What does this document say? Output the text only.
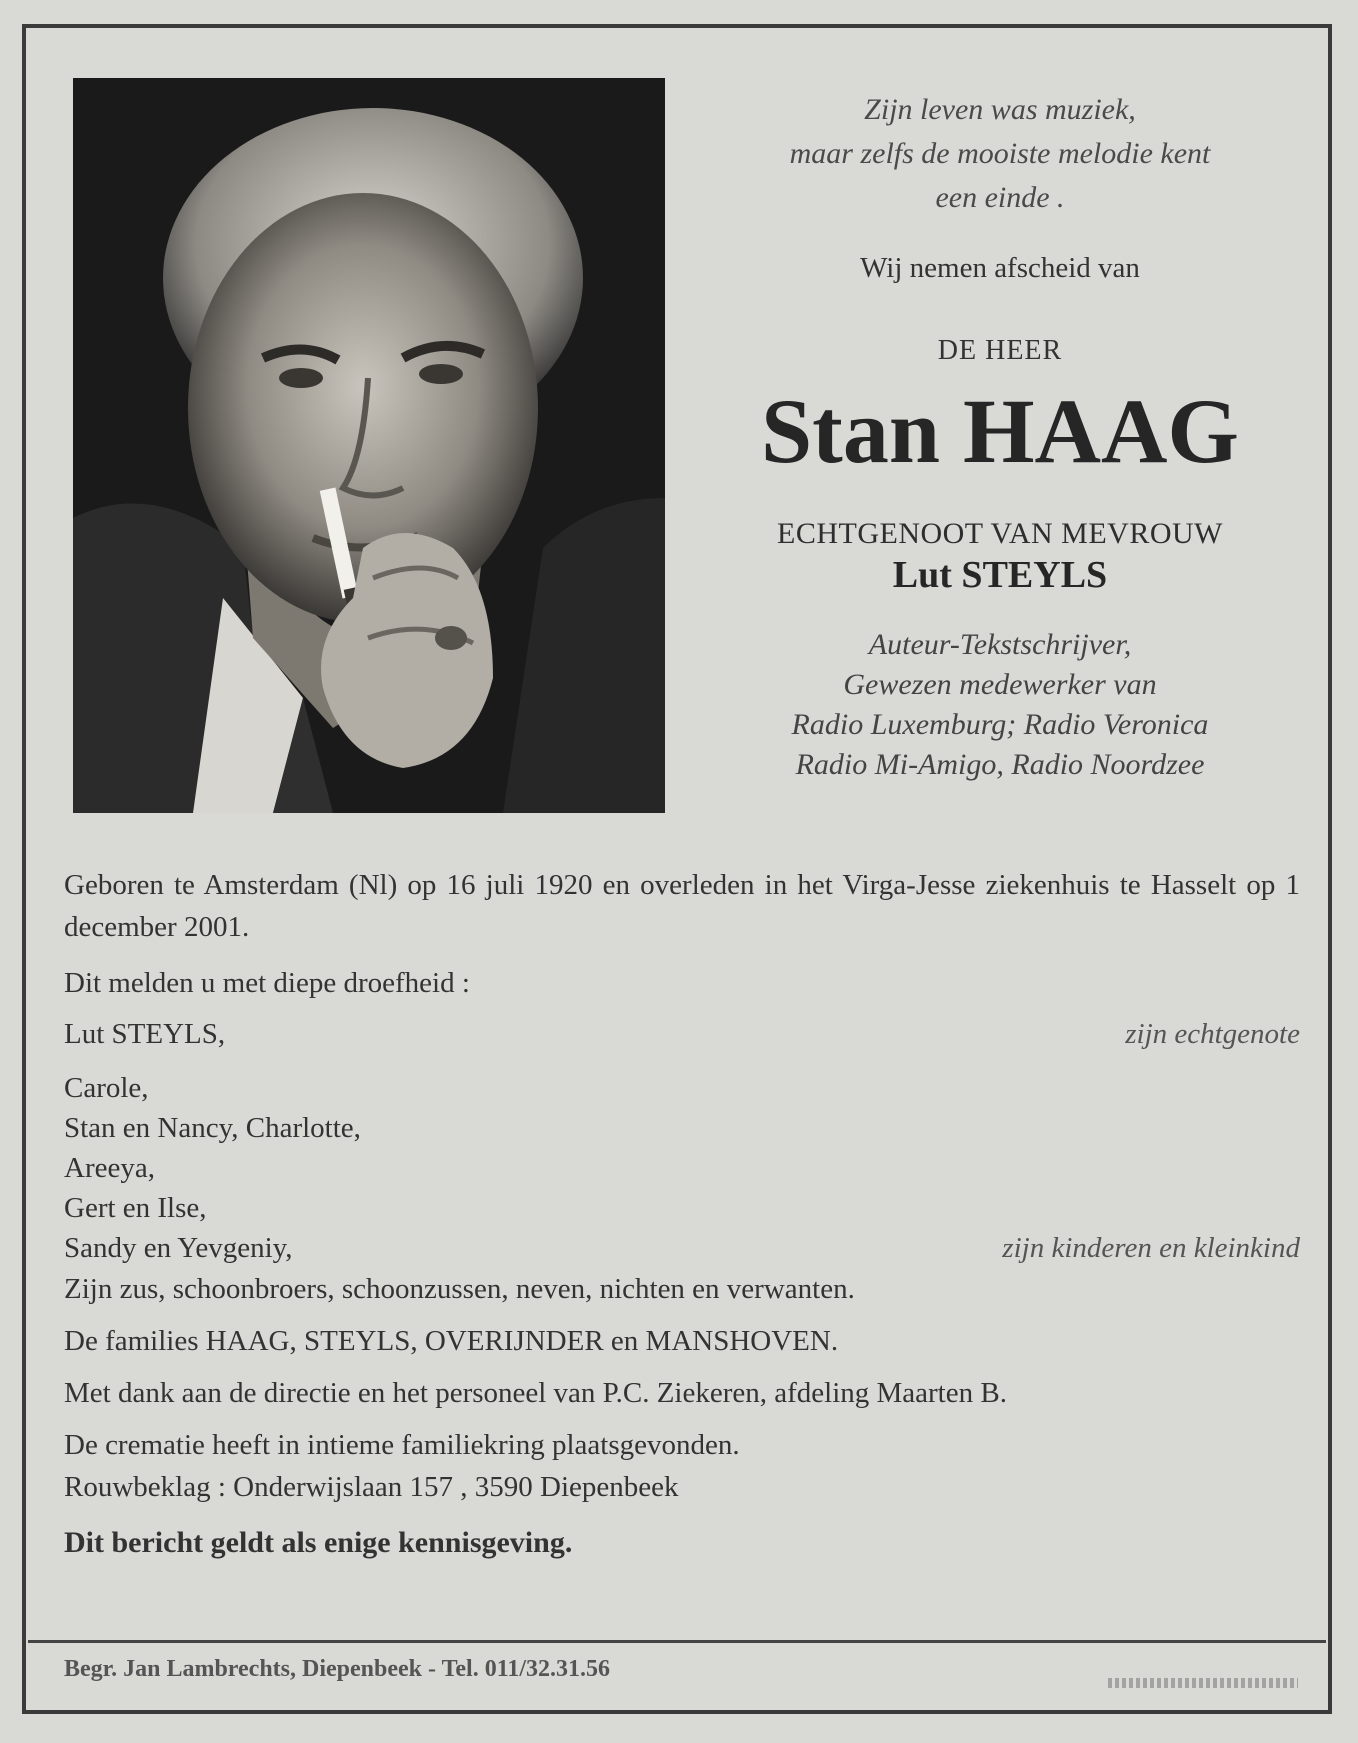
Zijn leven was muziek,
maar zelfs de mooiste melodie kent
een einde .
Wij nemen afscheid van
DE HEER
Stan HAAG
ECHTGENOOT VAN MEVROUW
Lut STEYLS
Auteur-Tekstschrijver,
Gewezen medewerker van
Radio Luxemburg; Radio Veronica
Radio Mi-Amigo, Radio Noordzee
Geboren te Amsterdam (Nl) op 16 juli 1920 en overleden in het Virga-Jesse ziekenhuis te Hasselt op 1 december 2001.
Dit melden u met diepe droefheid :
Lut STEYLS,	zijn echtgenote
Carole,
Stan en Nancy, Charlotte,
Areeya,
Gert en Ilse,
Sandy en Yevgeniy,	zijn kinderen en kleinkind
Zijn zus, schoonbroers, schoonzussen, neven, nichten en verwanten.
De families HAAG, STEYLS, OVERIJNDER en MANSHOVEN.
Met dank aan de directie en het personeel van P.C. Ziekeren, afdeling Maarten B.
De crematie heeft in intieme familiekring plaatsgevonden.
Rouwbeklag : Onderwijslaan 157 , 3590 Diepenbeek
Dit bericht geldt als enige kennisgeving.
Begr. Jan Lambrechts, Diepenbeek - Tel. 011/32.31.56
